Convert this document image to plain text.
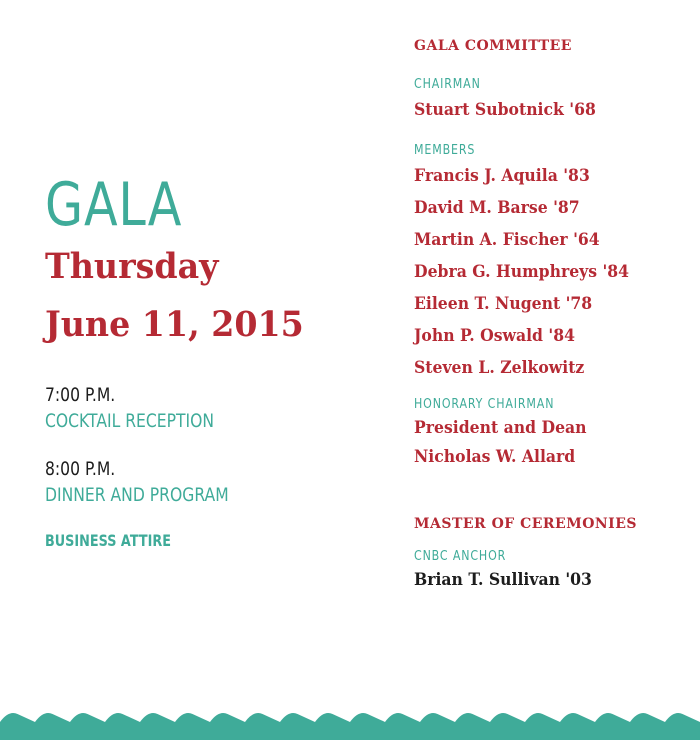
GALA
Thursday
June 11, 2015
7:00 P.M.
COCKTAIL RECEPTION
8:00 P.M.
DINNER AND PROGRAM
BUSINESS ATTIRE
GALA COMMITTEE
CHAIRMAN
Stuart Subotnick '68
MEMBERS
Francis J. Aquila '83
David M. Barse '87
Martin A. Fischer '64
Debra G. Humphreys '84
Eileen T. Nugent '78
John P. Oswald '84
Steven L. Zelkowitz
HONORARY CHAIRMAN
President and Dean
Nicholas W. Allard
MASTER OF CEREMONIES
CNBC ANCHOR
Brian T. Sullivan '03
